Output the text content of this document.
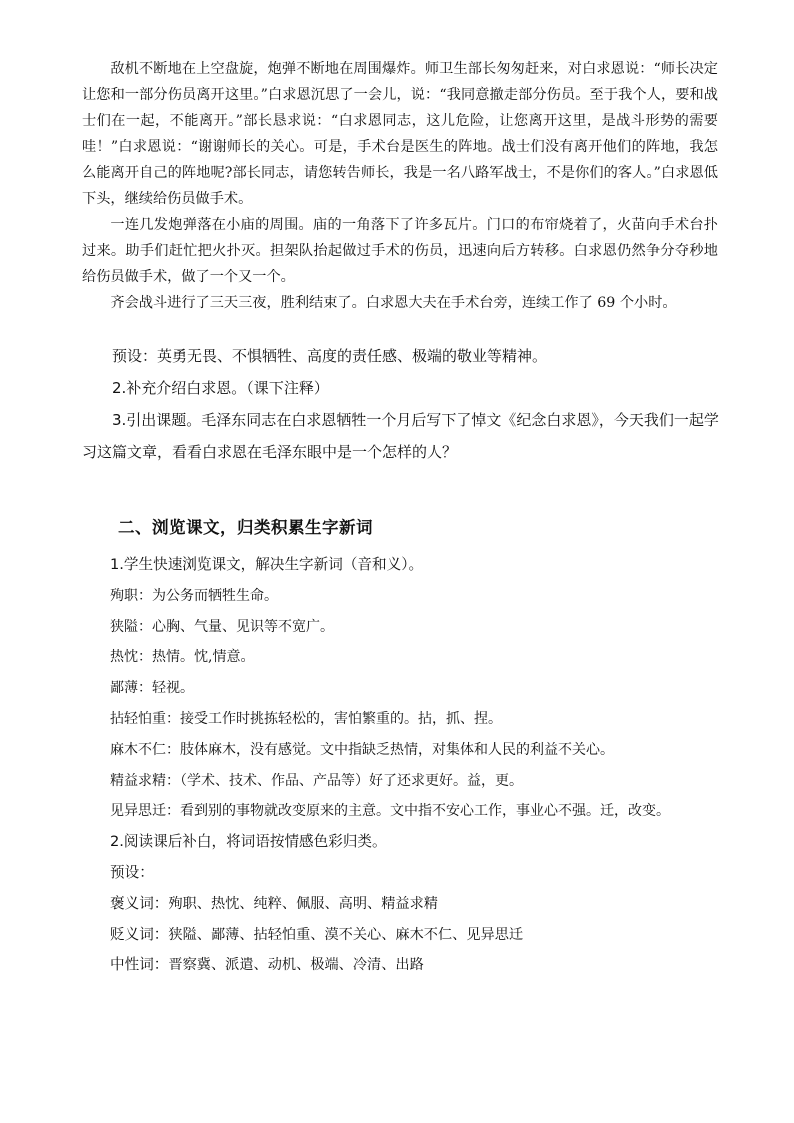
敌机不断地在上空盘旋，炮弹不断地在周围爆炸。师卫生部长匆匆赶来，对白求恩说：“师长决定让您和一部分伤员离开这里。”白求恩沉思了一会儿，说：“我同意撤走部分伤员。至于我个人，要和战士们在一起，不能离开。”部长恳求说：“白求恩同志，这儿危险，让您离开这里，是战斗形势的需要哇！”白求恩说：“谢谢师长的关心。可是，手术台是医生的阵地。战士们没有离开他们的阵地，我怎么能离开自己的阵地呢?部长同志，请您转告师长，我是一名八路军战士，不是你们的客人。”白求恩低下头，继续给伤员做手术。

一连几发炮弹落在小庙的周围。庙的一角落下了许多瓦片。门口的布帘烧着了，火苗向手术台扑过来。助手们赶忙把火扑灭。担架队抬起做过手术的伤员，迅速向后方转移。白求恩仍然争分夺秒地给伤员做手术，做了一个又一个。

齐会战斗进行了三天三夜，胜利结束了。白求恩大夫在手术台旁，连续工作了 69 个小时。

预设：英勇无畏、不惧牺牲、高度的责任感、极端的敬业等精神。

2.补充介绍白求恩。（课下注释）

3.引出课题。毛泽东同志在白求恩牺牲一个月后写下了悼文《纪念白求恩》，今天我们一起学习这篇文章，看看白求恩在毛泽东眼中是一个怎样的人？

二、浏览课文，归类积累生字新词
1.学生快速浏览课文，解决生字新词（音和义）。
殉职：为公务而牺牲生命。
狭隘：心胸、气量、见识等不宽广。
热忱：热情。忱,情意。
鄙薄：轻视。
拈轻怕重：接受工作时挑拣轻松的，害怕繁重的。拈，抓、捏。
麻木不仁：肢体麻木，没有感觉。文中指缺乏热情，对集体和人民的利益不关心。
精益求精：（学术、技术、作品、产品等）好了还求更好。益，更。
见异思迁：看到别的事物就改变原来的主意。文中指不安心工作，事业心不强。迁，改变。
2.阅读课后补白，将词语按情感色彩归类。
预设：
褒义词：殉职、热忱、纯粹、佩服、高明、精益求精
贬义词：狭隘、鄙薄、拈轻怕重、漠不关心、麻木不仁、见异思迁
中性词：晋察冀、派遣、动机、极端、冷清、出路
